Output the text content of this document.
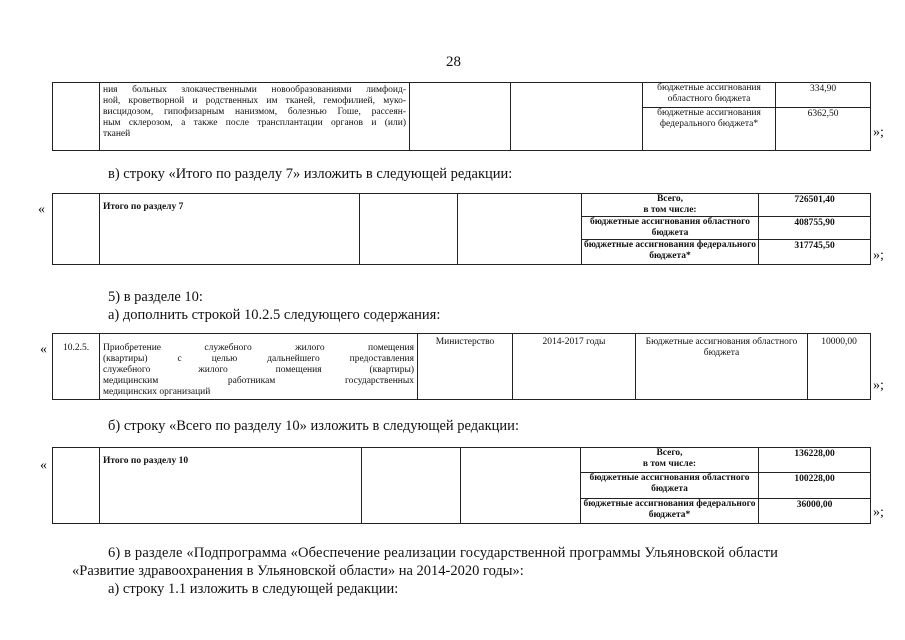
28

	ния больных злокачественными новообразованиями лимфоид-
ной, кроветворной и родственных им тканей, гемофилией, муко-
висцидозом, гипофизарным нанизмом, болезнью Гоше, рассеян-
ным склерозом, а также после трансплантации органов и (или)
тканей			бюджетные ассигнования областного бюджета	334,90
				бюджетные ассигнования федерального бюджета*	6362,50
»;
в) строку «Итого по разделу 7» изложить в следующей редакции:
«
		Итого по разделу 7			Всего,
в том числе:	726501,40
				бюджетные ассигнования областного бюджета	408755,90
				бюджетные ассигнования федерального бюджета*	317745,50
»;
5) в разделе 10:
а) дополнить строкой 10.2.5 следующего содержания:
« 10.2.5.	Приобретение служебного жилого помещения
(квартиры) с целью дальнейшего предоставления
служебного жилого помещения (квартиры)
медицинским работникам государственных
медицинских организаций
	Министерство	2014-2017 годы	Бюджетные ассигнования областного бюджета	10000,00
»;
б) строку «Всего по разделу 10» изложить в следующей редакции:
«
		Итого по разделу 10			Всего,
в том числе:	136228,00
				бюджетные ассигнования областного бюджета	100228,00
				бюджетные ассигнования федерального бюджета*	36000,00	»;
6) в разделе «Подпрограмма «Обеспечение реализации государственной программы Ульяновской области
«Развитие здравоохранения в Ульяновской области» на 2014-2020 годы»:
а) строку 1.1 изложить в следующей редакции:
